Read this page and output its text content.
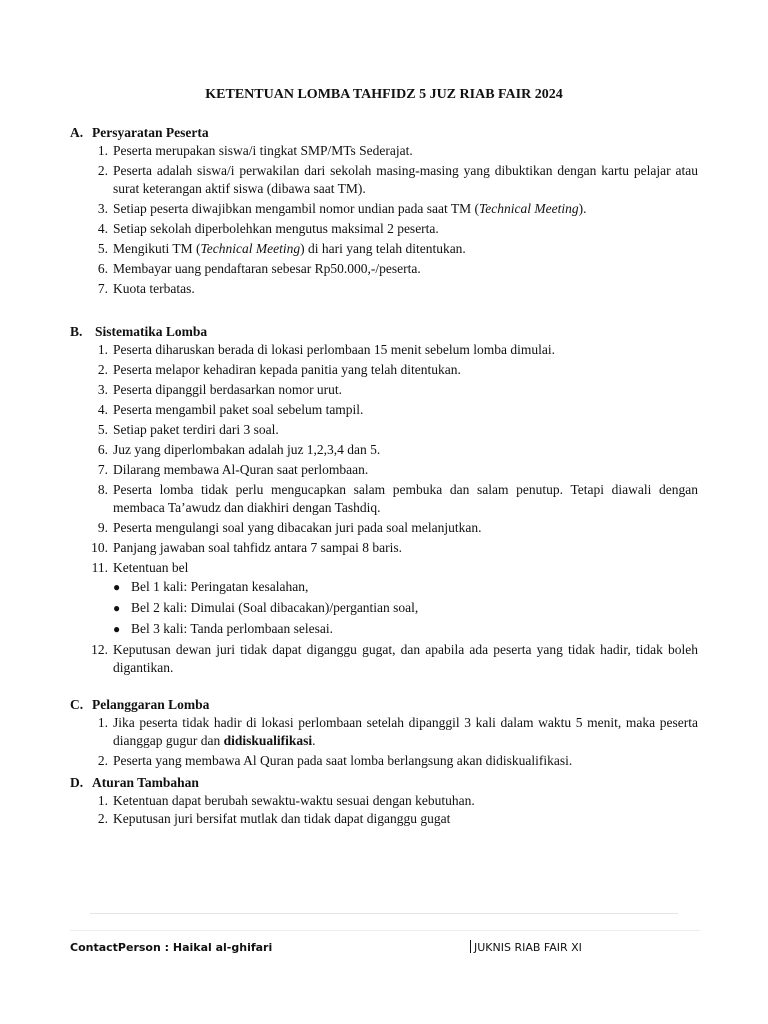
KETENTUAN LOMBA TAHFIDZ 5 JUZ RIAB FAIR 2024
A. Persyaratan Peserta
1. Peserta merupakan siswa/i tingkat SMP/MTs Sederajat.
2. Peserta adalah siswa/i perwakilan dari sekolah masing-masing yang dibuktikan dengan kartu pelajar atau surat keterangan aktif siswa (dibawa saat TM).
3. Setiap peserta diwajibkan mengambil nomor undian pada saat TM (Technical Meeting).
4. Setiap sekolah diperbolehkan mengutus maksimal 2 peserta.
5. Mengikuti TM (Technical Meeting) di hari yang telah ditentukan.
6. Membayar uang pendaftaran sebesar Rp50.000,-/peserta.
7. Kuota terbatas.
B. Sistematika Lomba
1. Peserta diharuskan berada di lokasi perlombaan 15 menit sebelum lomba dimulai.
2. Peserta melapor kehadiran kepada panitia yang telah ditentukan.
3. Peserta dipanggil berdasarkan nomor urut.
4. Peserta mengambil paket soal sebelum tampil.
5. Setiap paket terdiri dari 3 soal.
6. Juz yang diperlombakan adalah juz 1,2,3,4 dan 5.
7. Dilarang membawa Al-Quran saat perlombaan.
8. Peserta lomba tidak perlu mengucapkan salam pembuka dan salam penutup. Tetapi diawali dengan membaca Ta’awudz dan diakhiri dengan Tashdiq.
9. Peserta mengulangi soal yang dibacakan juri pada soal melanjutkan.
10. Panjang jawaban soal tahfidz antara 7 sampai 8 baris.
11. Ketentuan bel
● Bel 1 kali: Peringatan kesalahan,
● Bel 2 kali: Dimulai (Soal dibacakan)/pergantian soal,
● Bel 3 kali: Tanda perlombaan selesai.
12. Keputusan dewan juri tidak dapat diganggu gugat, dan apabila ada peserta yang tidak hadir, tidak boleh digantikan.
C. Pelanggaran Lomba
1. Jika peserta tidak hadir di lokasi perlombaan setelah dipanggil 3 kali dalam waktu 5 menit, maka peserta dianggap gugur dan didiskualifikasi.
2. Peserta yang membawa Al Quran pada saat lomba berlangsung akan didiskualifikasi.
D. Aturan Tambahan
1. Ketentuan dapat berubah sewaktu-waktu sesuai dengan kebutuhan.
2. Keputusan juri bersifat mutlak dan tidak dapat diganggu gugat
ContactPerson : Haikal al-ghifari	JUKNIS RIAB FAIR XI
